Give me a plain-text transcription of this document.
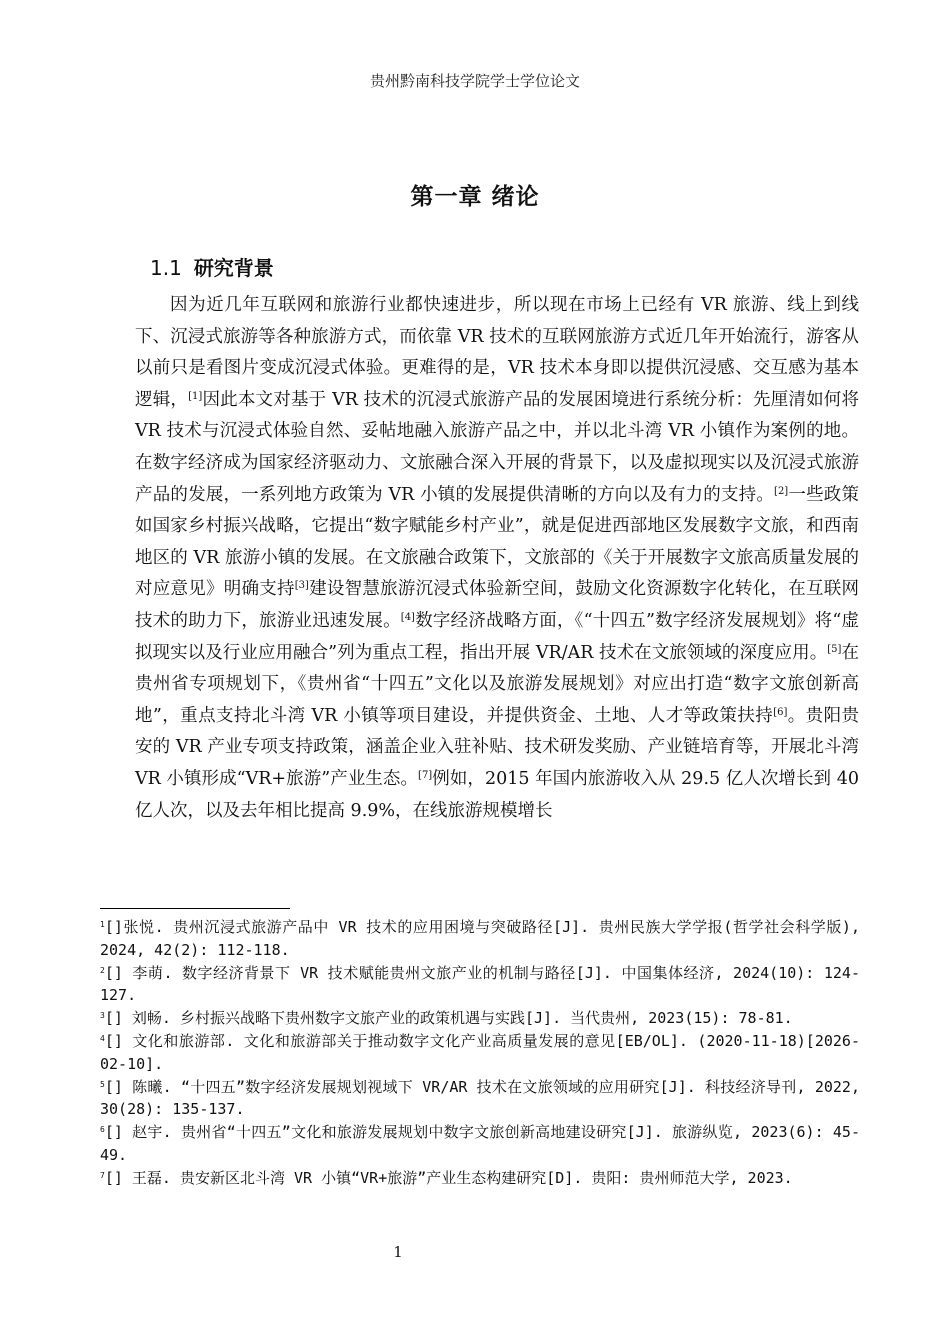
贵州黔南科技学院学士学位论文
第一章 绪论
1.1 研究背景

因为近几年互联网和旅游行业都快速进步，所以现在市场上已经有 VR 旅游、线上到线下、沉浸式旅游等各种旅游方式，而依靠 VR 技术的互联网旅游方式近几年开始流行，游客从以前只是看图片变成沉浸式体验。更难得的是，VR 技术本身即以提供沉浸感、交互感为基本逻辑，[1]因此本文对基于 VR 技术的沉浸式旅游产品的发展困境进行系统分析：先厘清如何将 VR 技术与沉浸式体验自然、妥帖地融入旅游产品之中，并以北斗湾 VR 小镇作为案例的地。在数字经济成为国家经济驱动力、文旅融合深入开展的背景下，以及虚拟现实以及沉浸式旅游产品的发展，一系列地方政策为 VR 小镇的发展提供清晰的方向以及有力的支持。[2]一些政策如国家乡村振兴战略，它提出“数字赋能乡村产业”，就是促进西部地区发展数字文旅，和西南地区的 VR 旅游小镇的发展。在文旅融合政策下，文旅部的《关于开展数字文旅高质量发展的对应意见》明确支持[3]建设智慧旅游沉浸式体验新空间，鼓励文化资源数字化转化，在互联网技术的助力下，旅游业迅速发展。[4]数字经济战略方面，《“十四五”数字经济发展规划》将“虚拟现实以及行业应用融合”列为重点工程，指出开展 VR/AR 技术在文旅领域的深度应用。[5]在贵州省专项规划下，《贵州省“十四五”文化以及旅游发展规划》对应出打造“数字文旅创新高地”，重点支持北斗湾 VR 小镇等项目建设，并提供资金、土地、人才等政策扶持[6]。贵阳贵安的 VR 产业专项支持政策，涵盖企业入驻补贴、技术研发奖励、产业链培育等，开展北斗湾 VR 小镇形成“VR+旅游”产业生态。[7]例如，2015 年国内旅游收入从 29.5 亿人次增长到 40 亿人次，以及去年相比提高 9.9%，在线旅游规模增长

$^1$[]张悦. 贵州沉浸式旅游产品中 VR 技术的应用困境与突破路径[J]. 贵州民族大学学报(哲学社会科学版), 2024, 42(2): 112-118.

$^2$[] 李萌. 数字经济背景下 VR 技术赋能贵州文旅产业的机制与路径[J]. 中国集体经济, 2024(10): 124-127.

$^3$[] 刘畅. 乡村振兴战略下贵州数字文旅产业的政策机遇与实践[J]. 当代贵州, 2023(15): 78-81.

$^4$[] 文化和旅游部. 文化和旅游部关于推动数字文化产业高质量发展的意见[EB/OL]. (2020-11-18)[2026-02-10].

$^5$[] 陈曦. “十四五”数字经济发展规划视域下 VR/AR 技术在文旅领域的应用研究[J]. 科技经济导刊, 2022, 30(28): 135-137.

$^6$[] 赵宇. 贵州省“十四五”文化和旅游发展规划中数字文旅创新高地建设研究[J]. 旅游纵览, 2023(6): 45-49.

$^7$[] 王磊. 贵安新区北斗湾 VR 小镇“VR+旅游”产业生态构建研究[D]. 贵阳: 贵州师范大学, 2023.

1
